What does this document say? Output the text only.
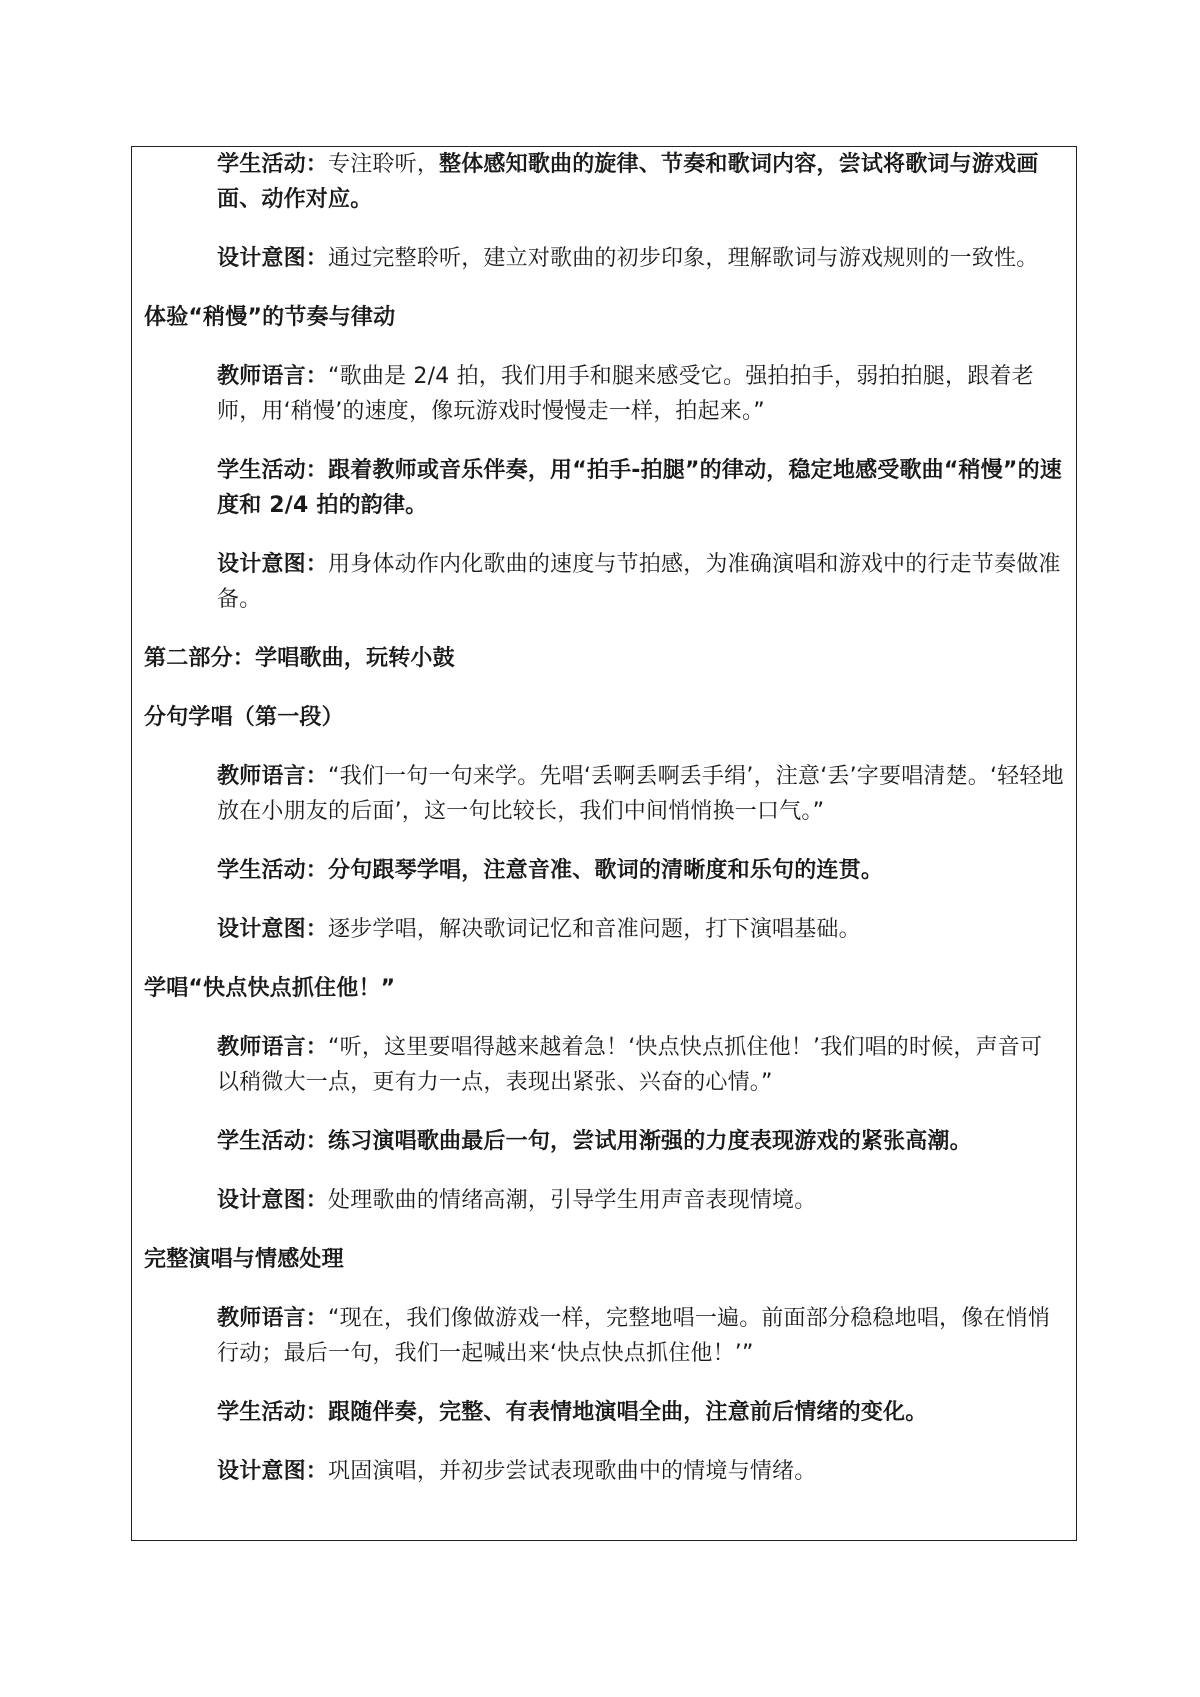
学生活动：专注聆听，整体感知歌曲的旋律、节奏和歌词内容，尝试将歌词与游戏画面、动作对应。

设计意图：通过完整聆听，建立对歌曲的初步印象，理解歌词与游戏规则的一致性。

体验“稍慢”的节奏与律动

教师语言：“歌曲是 2/4 拍，我们用手和腿来感受它。强拍拍手，弱拍拍腿，跟着老师，用‘稍慢’的速度，像玩游戏时慢慢走一样，拍起来。”

学生活动：跟着教师或音乐伴奏，用“拍手-拍腿”的律动，稳定地感受歌曲“稍慢”的速度和 2/4 拍的韵律。

设计意图：用身体动作内化歌曲的速度与节拍感，为准确演唱和游戏中的行走节奏做准备。

第二部分：学唱歌曲，玩转小鼓

分句学唱（第一段）

教师语言：“我们一句一句来学。先唱‘丢啊丢啊丢手绢’，注意‘丢’字要唱清楚。‘轻轻地放在小朋友的后面’，这一句比较长，我们中间悄悄换一口气。”

学生活动：分句跟琴学唱，注意音准、歌词的清晰度和乐句的连贯。

设计意图：逐步学唱，解决歌词记忆和音准问题，打下演唱基础。

学唱“快点快点抓住他！”

教师语言：“听，这里要唱得越来越着急！‘快点快点抓住他！’我们唱的时候，声音可以稍微大一点，更有力一点，表现出紧张、兴奋的心情。”

学生活动：练习演唱歌曲最后一句，尝试用渐强的力度表现游戏的紧张高潮。

设计意图：处理歌曲的情绪高潮，引导学生用声音表现情境。

完整演唱与情感处理

教师语言：“现在，我们像做游戏一样，完整地唱一遍。前面部分稳稳地唱，像在悄悄行动；最后一句，我们一起喊出来‘快点快点抓住他！’”

学生活动：跟随伴奏，完整、有表情地演唱全曲，注意前后情绪的变化。

设计意图：巩固演唱，并初步尝试表现歌曲中的情境与情绪。
